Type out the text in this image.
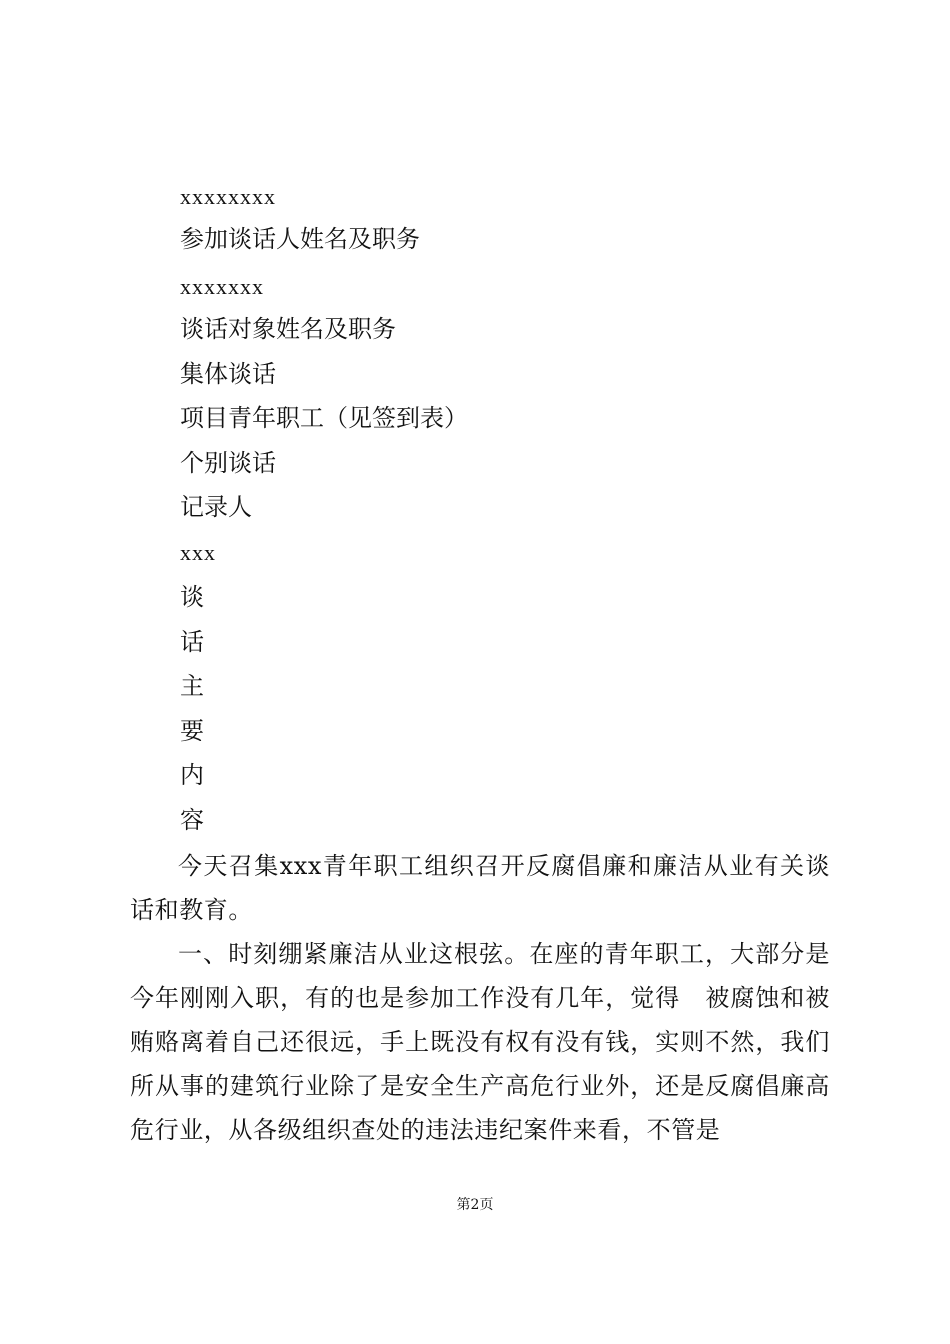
xxxxxxxx
参加谈话人姓名及职务
xxxxxxx
谈话对象姓名及职务
集体谈话
项目青年职工（见签到表）
个别谈话
记录人
xxx
谈
话
主
要
内
容
今天召集xxx青年职工组织召开反腐倡廉和廉洁从业有关谈话和教育。
一、时刻绷紧廉洁从业这根弦。在座的青年职工，大部分是今年刚刚入职，有的也是参加工作没有几年，觉得　被腐蚀和被贿赂离着自己还很远，手上既没有权有没有钱，实则不然，我们所从事的建筑行业除了是安全生产高危行业外，还是反腐倡廉高危行业，从各级组织查处的违法违纪案件来看，不管是
第2页
